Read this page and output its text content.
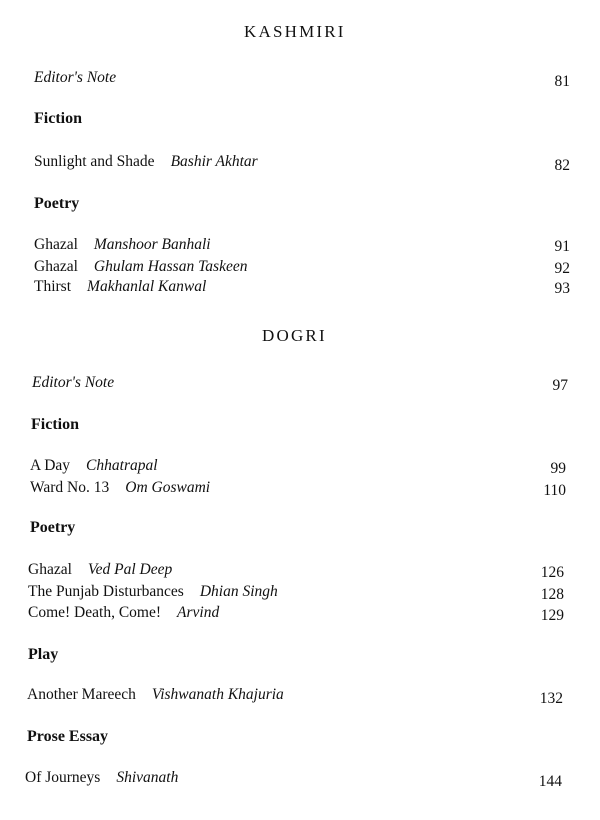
KASHMIRI
Editor's Note	81
Fiction
Sunlight and Shade Bashir Akhtar	82
Poetry
Ghazal Manshoor Banhali	91
Ghazal Ghulam Hassan Taskeen	92
Thirst Makhanlal Kanwal	93
DOGRI
Editor's Note	97
Fiction
A Day Chhatrapal	99
Ward No. 13 Om Goswami	110
Poetry
Ghazal Ved Pal Deep	126
The Punjab Disturbances Dhian Singh	128
Come! Death, Come! Arvind	129
Play
Another Mareech Vishwanath Khajuria	132
Prose Essay
Of Journeys Shivanath	144
